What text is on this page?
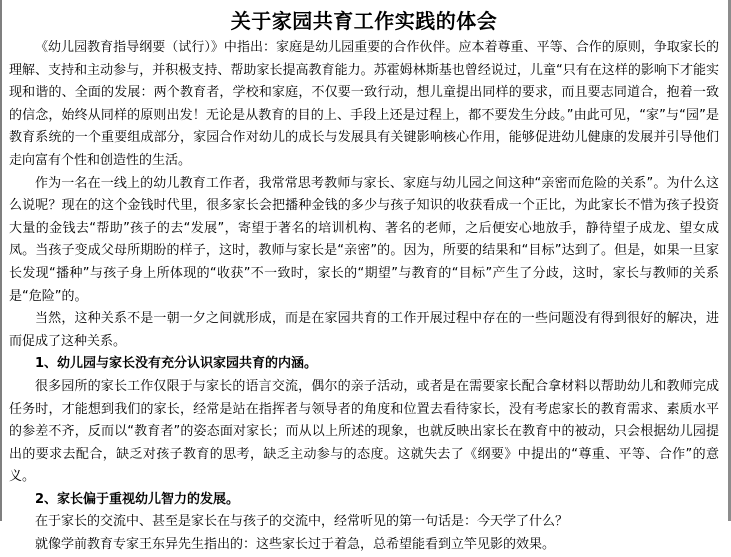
关于家园共育工作实践的体会

《幼儿园教育指导纲要（试行）》中指出：家庭是幼儿园重要的合作伙伴。应本着尊重、平等、合作的原则，争取家长的理解、支持和主动参与，并积极支持、帮助家长提高教育能力。苏霍姆林斯基也曾经说过，儿童“只有在这样的影响下才能实现和谐的、全面的发展：两个教育者，学校和家庭，不仅要一致行动，想儿童提出同样的要求，而且要志同道合，抱着一致的信念，始终从同样的原则出发！无论是从教育的目的上、手段上还是过程上，都不要发生分歧。”由此可见，“家”与“园”是教育系统的一个重要组成部分，家园合作对幼儿的成长与发展具有关键影响核心作用，能够促进幼儿健康的发展并引导他们走向富有个性和创造性的生活。

作为一名在一线上的幼儿教育工作者，我常常思考教师与家长、家庭与幼儿园之间这种“亲密而危险的关系”。为什么这么说呢？现在的这个金钱时代里，很多家长会把播种金钱的多少与孩子知识的收获看成一个正比，为此家长不惜为孩子投资大量的金钱去“帮助”孩子的去“发展”，寄望于著名的培训机构、著名的老师，之后便安心地放手，静待望子成龙、望女成凤。当孩子变成父母所期盼的样子，这时，教师与家长是“亲密”的。因为，所要的结果和“目标”达到了。但是，如果一旦家长发现“播种”与孩子身上所体现的“收获”不一致时，家长的“期望”与教育的“目标”产生了分歧，这时，家长与教师的关系是“危险”的。

当然，这种关系不是一朝一夕之间就形成，而是在家园共育的工作开展过程中存在的一些问题没有得到很好的解决，进而促成了这种关系。

1、幼儿园与家长没有充分认识家园共育的内涵。

很多园所的家长工作仅限于与家长的语言交流，偶尔的亲子活动，或者是在需要家长配合拿材料以帮助幼儿和教师完成任务时，才能想到我们的家长，经常是站在指挥者与领导者的角度和位置去看待家长，没有考虑家长的教育需求、素质水平的参差不齐，反而以“教育者”的姿态面对家长；而从以上所述的现象，也就反映出家长在教育中的被动，只会根据幼儿园提出的要求去配合，缺乏对孩子教育的思考，缺乏主动参与的态度。这就失去了《纲要》中提出的“尊重、平等、合作”的意义。

2、家长偏于重视幼儿智力的发展。

在于家长的交流中、甚至是家长在与孩子的交流中，经常听见的第一句话是：今天学了什么？

就像学前教育专家王东异先生指出的：这些家长过于着急，总希望能看到立竿见影的效果。
